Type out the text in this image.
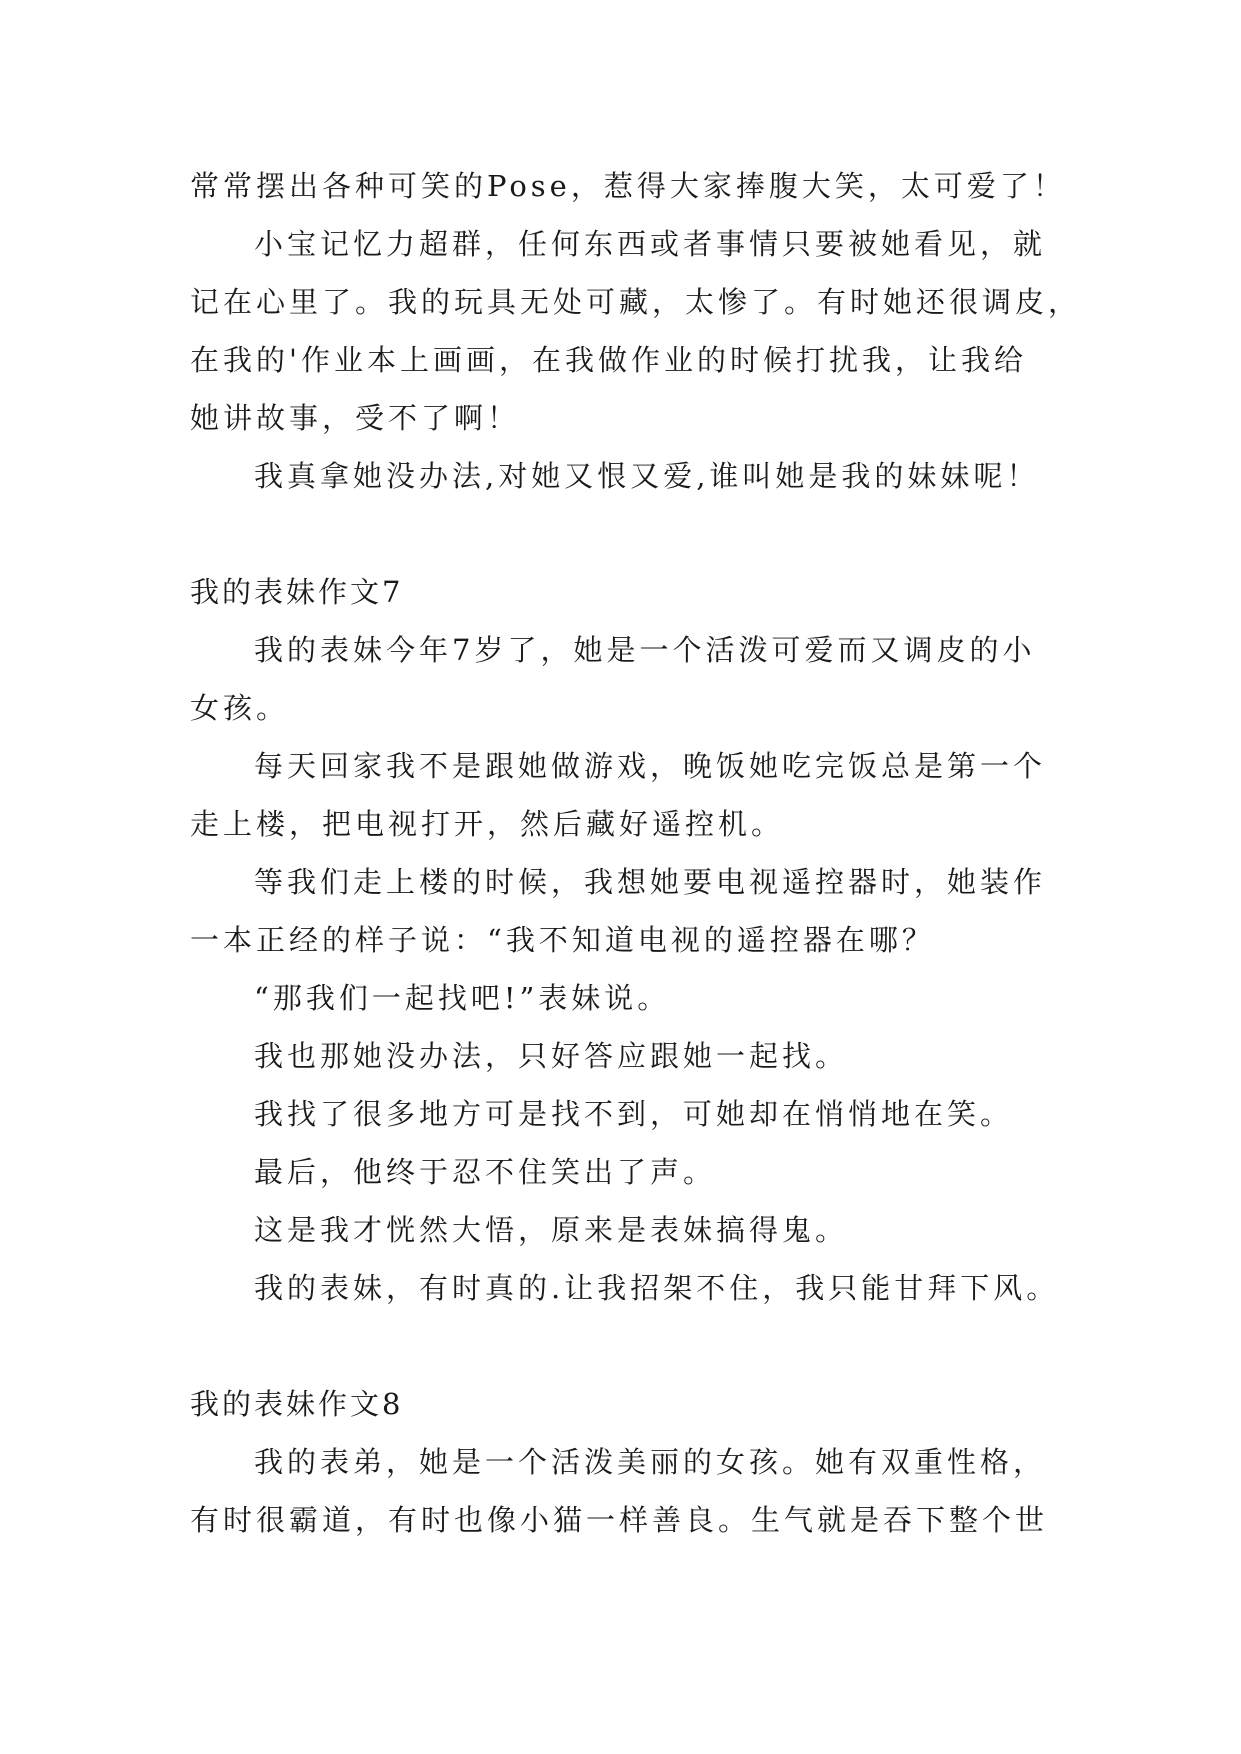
常常摆出各种可笑的Pose，惹得大家捧腹大笑，太可爱了！
小宝记忆力超群，任何东西或者事情只要被她看见，就
记在心里了。我的玩具无处可藏，太惨了。有时她还很调皮，
在我的'作业本上画画，在我做作业的时候打扰我，让我给
她讲故事，受不了啊！
我真拿她没办法,对她又恨又爱,谁叫她是我的妹妹呢！
我的表妹作文7
我的表妹今年7岁了，她是一个活泼可爱而又调皮的小
女孩。
每天回家我不是跟她做游戏，晚饭她吃完饭总是第一个
走上楼，把电视打开，然后藏好遥控机。
等我们走上楼的时候，我想她要电视遥控器时，她装作
一本正经的样子说：“我不知道电视的遥控器在哪？
“那我们一起找吧!”表妹说。
我也那她没办法，只好答应跟她一起找。
我找了很多地方可是找不到，可她却在悄悄地在笑。
最后，他终于忍不住笑出了声。
这是我才恍然大悟，原来是表妹搞得鬼。
我的表妹，有时真的.让我招架不住，我只能甘拜下风。
我的表妹作文8
我的表弟，她是一个活泼美丽的女孩。她有双重性格，
有时很霸道，有时也像小猫一样善良。生气就是吞下整个世
